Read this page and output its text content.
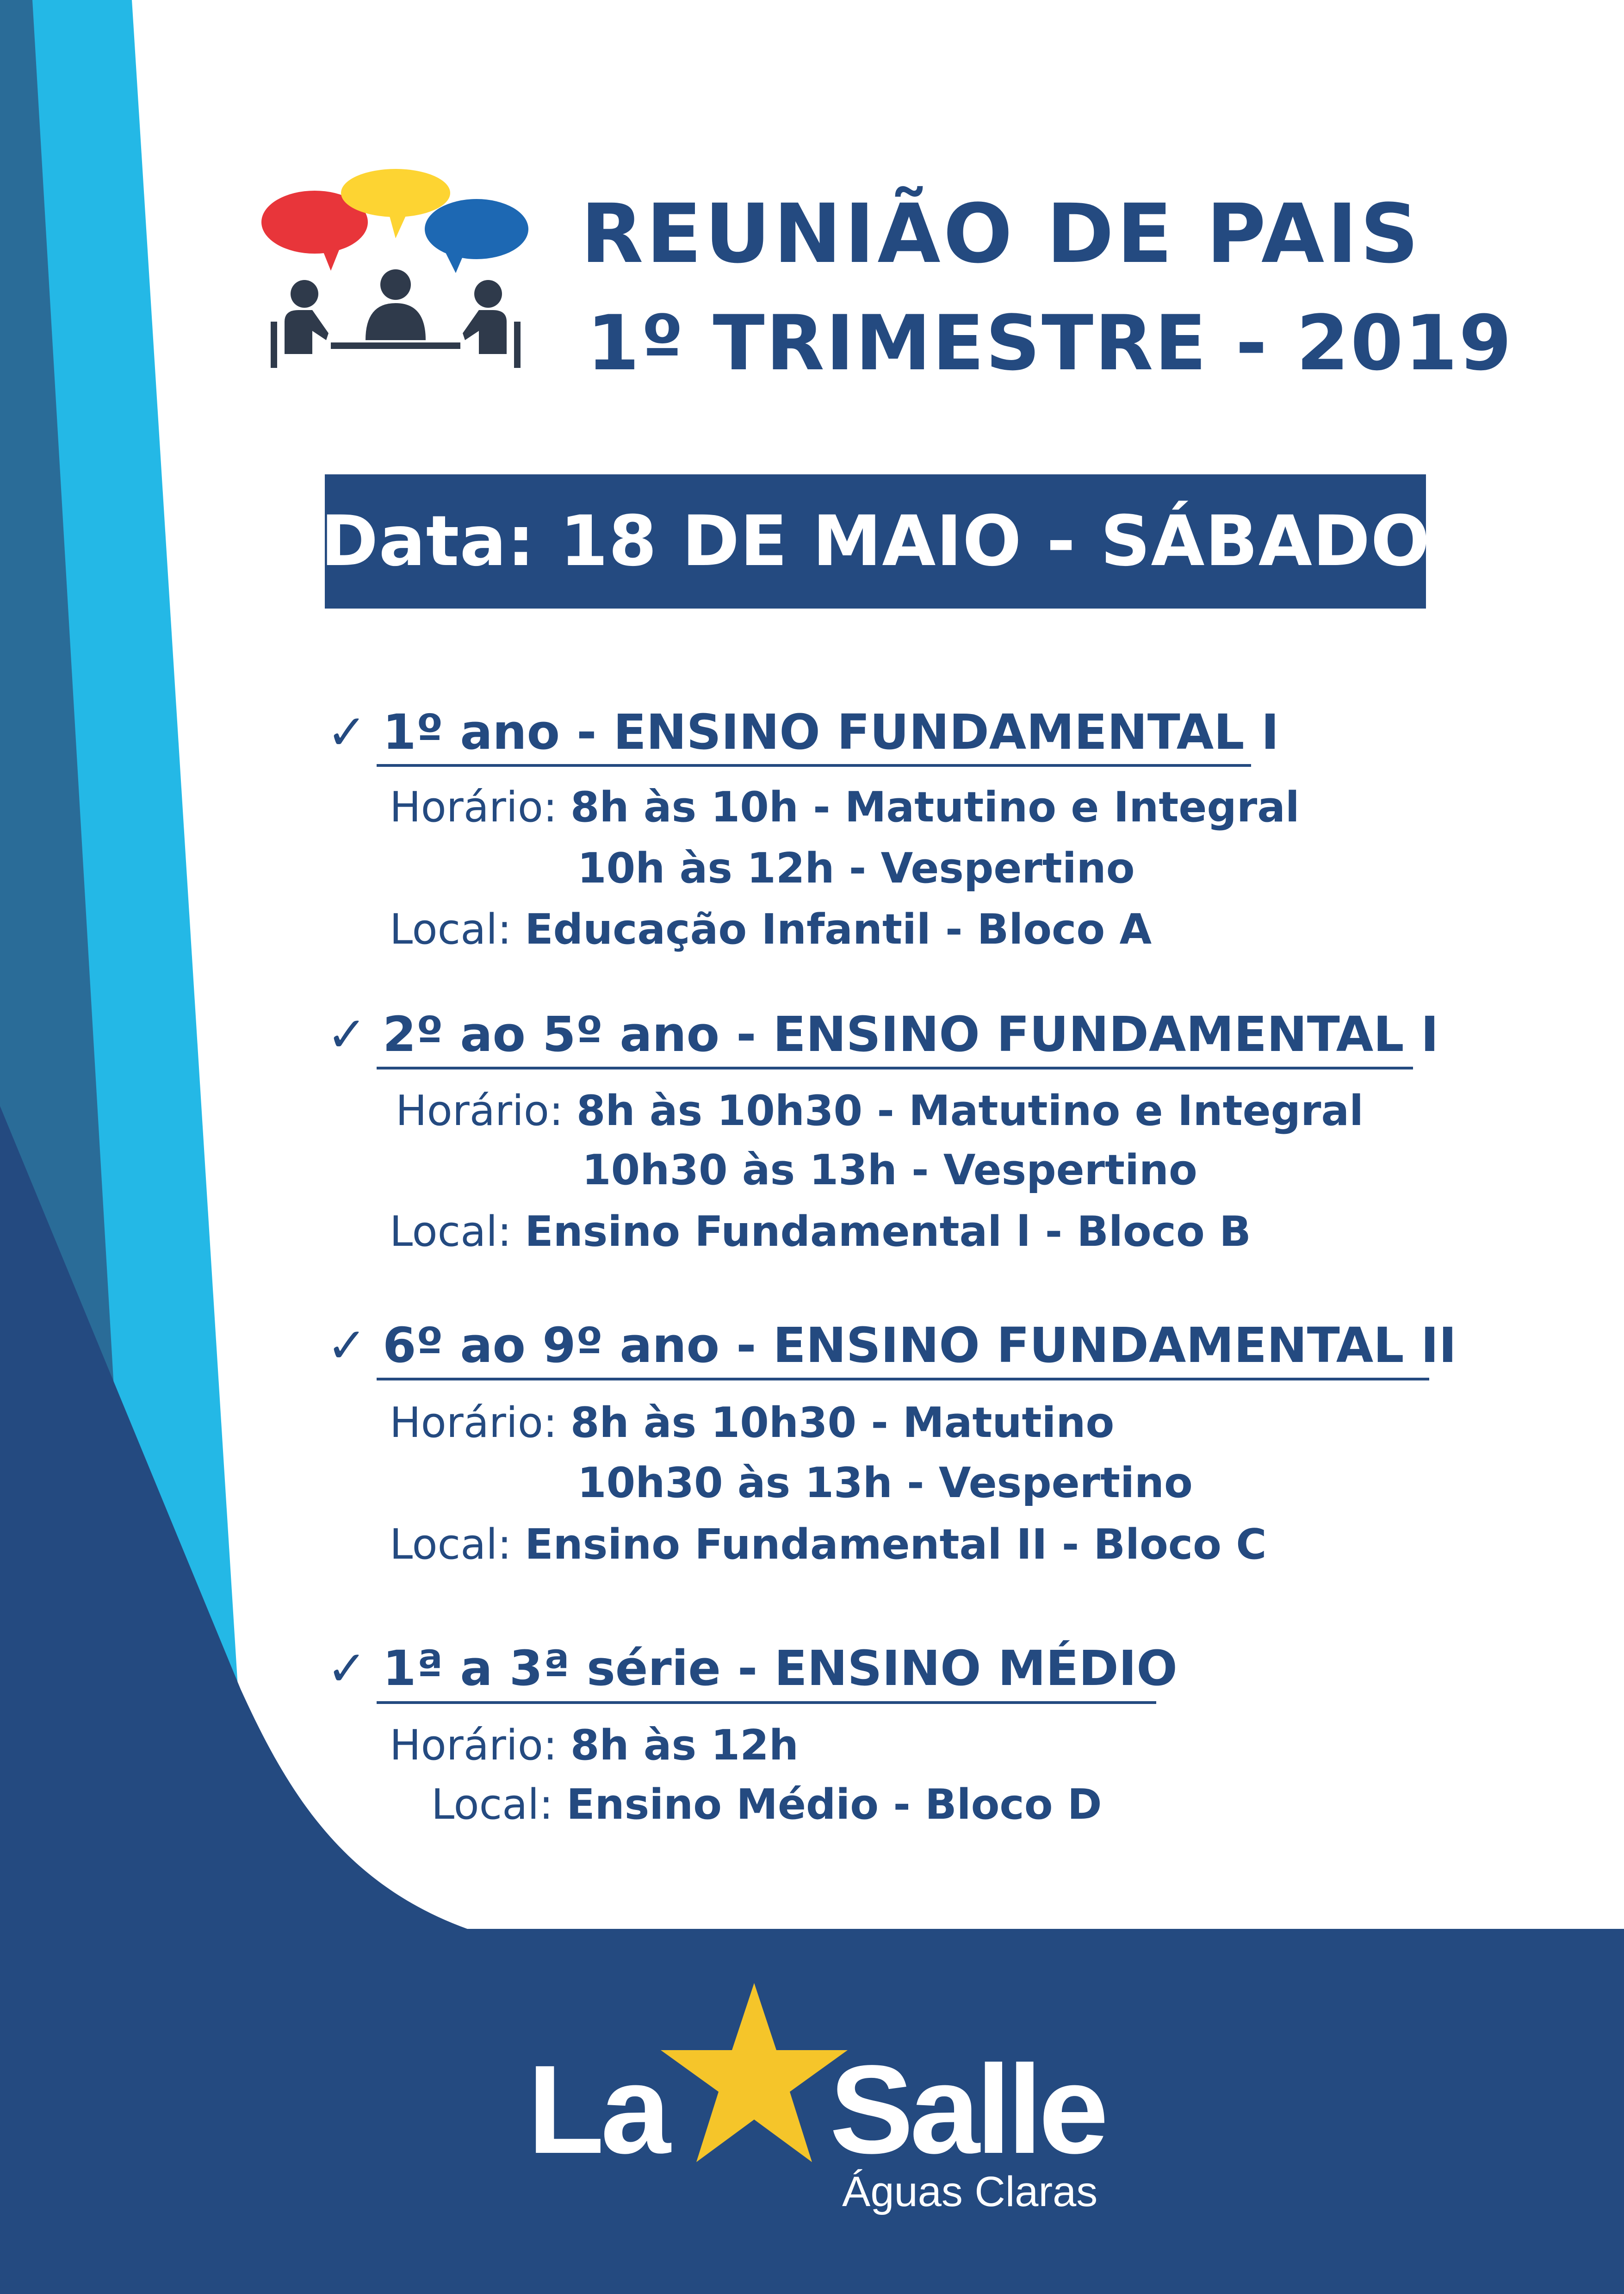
REUNIÃO DE PAIS
1º TRIMESTRE - 2019
Data: 18 DE MAIO - SÁBADO
✓ 1º ano - ENSINO FUNDAMENTAL I
Horário: 8h às 10h - Matutino e Integral
10h às 12h - Vespertino
Local: Educação Infantil - Bloco A
✓ 2º ao 5º ano - ENSINO FUNDAMENTAL I
Horário: 8h às 10h30 - Matutino e Integral
10h30 às 13h - Vespertino
Local: Ensino Fundamental l - Bloco B
✓ 6º ao 9º ano - ENSINO FUNDAMENTAL II
Horário: 8h às 10h30 - Matutino
10h30 às 13h - Vespertino
Local: Ensino Fundamental II - Bloco C
✓ 1ª a 3ª série - ENSINO MÉDIO
Horário: 8h às 12h
Local: Ensino Médio - Bloco D
La Salle
Águas Claras
